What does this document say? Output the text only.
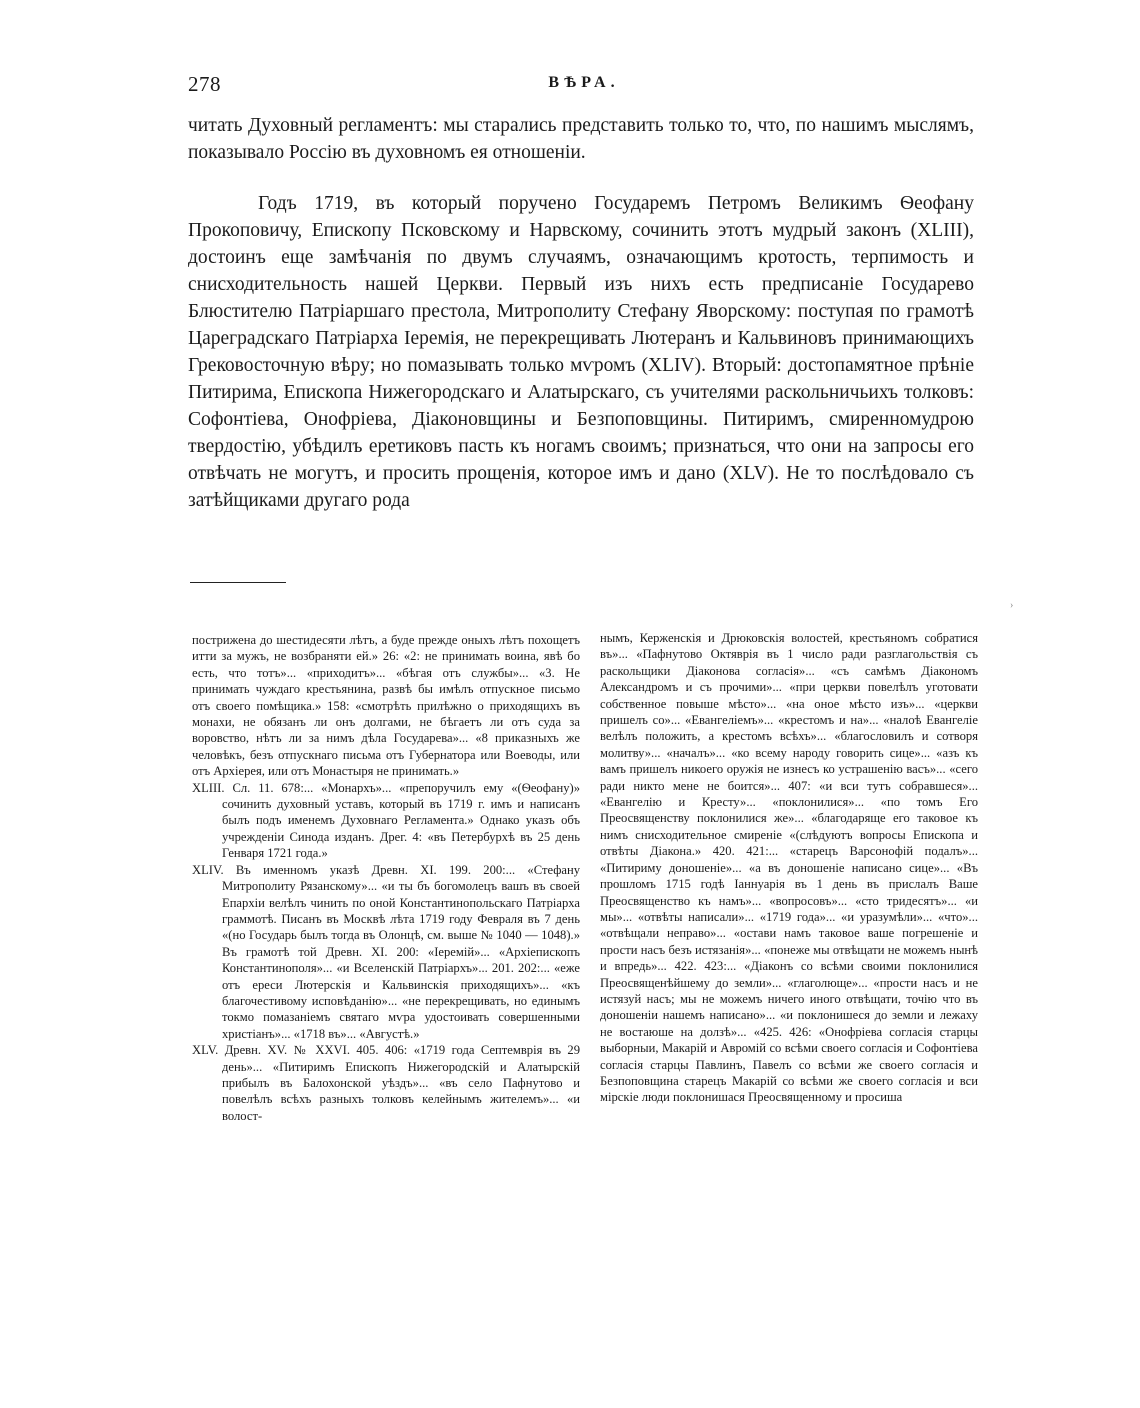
278	ВѢРА.

читать Духовный регламентъ: мы старались представить только то, что, по нашимъ мыслямъ, показывало Россію въ духовномъ ея отношеніи.

Годъ 1719, въ который поручено Государемъ Петромъ Великимъ Ѳеофану Прокоповичу, Епископу Псковскому и Нарвскому, сочинить этотъ мудрый законъ (XLIII), достоинъ еще замѣчанія по двумъ случаямъ, означающимъ кротость, терпимость и снисходительность нашей Церкви. Первый изъ нихъ есть предписаніе Государево Блюстителю Патріаршаго престола, Митрополиту Стефану Яворскому: поступая по грамотѣ Цареградскаго Патріарха Іеремія, не перекрещивать Лютеранъ и Кальвиновъ принимающихъ Грековосточную вѣру; но помазывать только мѵромъ (XLIV). Вторый: достопамятное прѣніе Питирима, Епископа Нижегородскаго и Алатырскаго, съ учителями раскольничьихъ толковъ: Софонтіева, Онофріева, Діаконовщины и Безпоповщины. Питиримъ, смиренномудрою твердостію, убѣдилъ еретиковъ пасть къ ногамъ своимъ; признаться, что они на запросы его отвѣчать не могутъ, и просить прощенія, которое имъ и дано (XLV). Не то послѣдовало съ затѣйщиками другаго рода

пострижена до шестидесяти лѣтъ, а буде прежде оныхъ лѣтъ похощетъ итти за мужъ, не возбраняти ей.» 26: «2: не принимать воина, явѣ бо есть, что тотъ»... «приходитъ»... «бѣгая отъ службы»... «3. Не принимать чуждаго крестьянина, развѣ бы имѣлъ отпускное письмо отъ своего помѣщика.» 158: «смотрѣть прилѣжно о приходящихъ въ монахи, не обязанъ ли онъ долгами, не бѣгаетъ ли отъ суда за воровство, нѣтъ ли за нимъ дѣла Государева»... «8 приказныхъ же человѣкъ, безъ отпускнаго письма отъ Губернатора или Воеводы, или отъ Архіерея, или отъ Монастыря не принимать.»

XLIII. Сл. 11. 678:... «Монархъ»... «препоручилъ ему «(Ѳеофану)» сочинить духовный уставъ, который въ 1719 г. имъ и написанъ былъ подъ именемъ Духовнаго Регламента.» Однако указъ объ учрежденіи Синода изданъ. Дрег. 4: «въ Петербурхѣ въ 25 день Генваря 1721 года.»

XLIV. Въ именномъ указѣ Древн. XI. 199. 200:... «Стефану Митрополиту Рязанскому»... «и ты бъ богомолецъ вашъ въ своей Епархіи велѣлъ чинить по оной Константинопольскаго Патріарха граммотѣ. Писанъ въ Москвѣ лѣта 1719 году Февраля въ 7 день «(но Государь былъ тогда въ Олонцѣ, см. выше № 1040 — 1048).» Въ грамотѣ той Древн. XI. 200: «Іеремій»... «Архіепископъ Константинополя»... «и Вселенскій Патріархъ»... 201. 202:... «еже отъ ереси Лютерскія и Кальвинскія приходящихъ»... «къ благочестивому исповѣданію»... «не перекрещивать, но единымъ токмо помазаніемъ святаго мѵра удостоивать совершенными христіанъ»... «1718 въ»... «Августѣ.»

XLV. Древн. XV. № XXVI. 405. 406: «1719 года Септемврія въ 29 день»... «Питиримъ Епископъ Нижегородскій и Алатырскій прибылъ въ Балохонской уѣздъ»... «въ село Пафнутово и повелѣлъ всѣхъ разныхъ толковъ келейнымъ жителемъ»... «и волост-

нымъ, Керженскія и Дрюковскія волостей, крестьяномъ собратися въ»... «Пафнутово Октяврія въ 1 число ради разглагольствія съ раскольщики Діаконова согласія»... «съ самѣмъ Діакономъ Александромъ и съ прочими»... «при церкви повелѣлъ уготовати собственное повыше мѣсто»... «на оное мѣсто изъ»... «церкви пришелъ со»... «Евангеліемъ»... «крестомъ и на»... «налоѣ Евангеліе велѣлъ положить, а крестомъ всѣхъ»... «благословилъ и сотворя молитву»... «началъ»... «ко всему народу говорить сице»... «азъ къ вамъ пришелъ никоего оружія не изнесъ ко устрашенію васъ»... «сего ради никто мене не боится»... 407: «и вси тутъ собравшеся»... «Евангелію и Кресту»... «поклонилися»... «по томъ Его Преосвященству поклонилися же»... «благодаряще его таковое къ нимъ снисходительное смиреніе «(слѣдуютъ вопросы Епископа и отвѣты Діакона.» 420. 421:... «старецъ Варсонофій подалъ»... «Питириму доношеніе»... «а въ доношеніе написано сице»... «Въ прошломъ 1715 годѣ Іаннуарія въ 1 день въ прислалъ Ваше Преосвященство къ намъ»... «вопросовъ»... «сто тридесятъ»... «и мы»... «отвѣты написали»... «1719 года»... «и уразумѣли»... «что»... «отвѣщали неправо»... «остави намъ таковое ваше погрешеніе и прости насъ безъ истязанія»... «понеже мы отвѣщати не можемъ нынѣ и впредь»... 422. 423:... «Діаконъ со всѣми своими поклонилися Преосвященѣйшему до земли»... «глаголюще»... «прости насъ и не истязуй насъ; мы не можемъ ничего иного отвѣщати, точію что въ доношеніи нашемъ написано»... «и поклонишеся до земли и лежаху не востаюше на долзѣ»... «425. 426: «Онофріева согласія старцы выборныи, Макарій и Авромій со всѣми своего согласія и Софонтіева согласія старцы Павлинъ, Павелъ со всѣми же своего согласія и Безпоповщина старецъ Макарій со всѣми же своего согласія и вси мірскіе люди поклонишася Преосвященному и просиша

›
